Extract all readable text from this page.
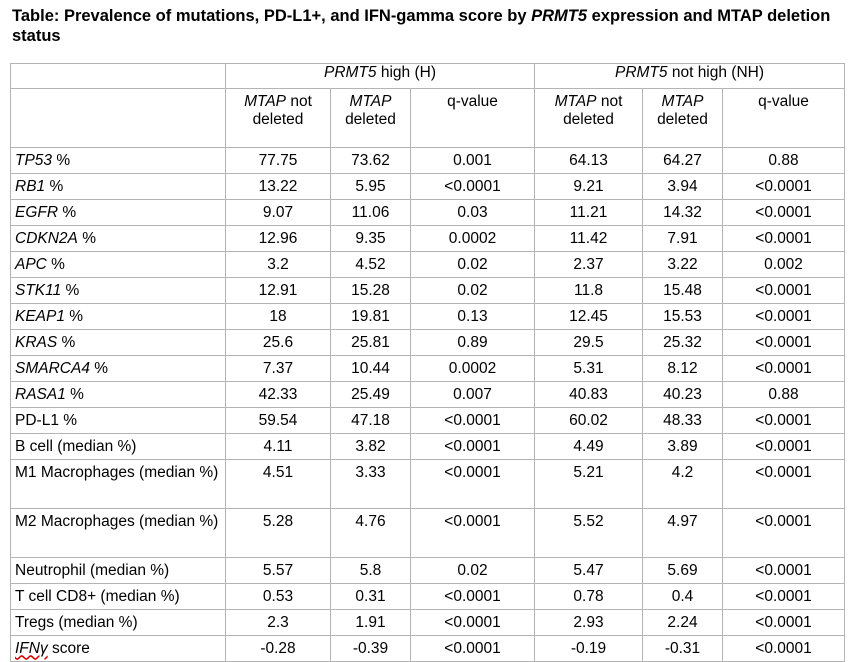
Table: Prevalence of mutations, PD-L1+, and IFN-gamma score by PRMT5 expression and MTAP deletion status
	PRMT5 high (H)			PRMT5 not high (NH)		
	MTAP not deleted	MTAP deleted	q-value	MTAP not deleted	MTAP deleted	q-value
TP53 %	77.75	73.62	0.001	64.13	64.27	0.88
RB1 %	13.22	5.95	<0.0001	9.21	3.94	<0.0001
EGFR %	9.07	11.06	0.03	11.21	14.32	<0.0001
CDKN2A %	12.96	9.35	0.0002	11.42	7.91	<0.0001
APC %	3.2	4.52	0.02	2.37	3.22	0.002
STK11 %	12.91	15.28	0.02	11.8	15.48	<0.0001
KEAP1 %	18	19.81	0.13	12.45	15.53	<0.0001
KRAS %	25.6	25.81	0.89	29.5	25.32	<0.0001
SMARCA4 %	7.37	10.44	0.0002	5.31	8.12	<0.0001
RASA1 %	42.33	25.49	0.007	40.83	40.23	0.88
PD-L1 %	59.54	47.18	<0.0001	60.02	48.33	<0.0001
B cell (median %)	4.11	3.82	<0.0001	4.49	3.89	<0.0001
M1 Macrophages (median %)	4.51	3.33	<0.0001	5.21	4.2	<0.0001
M2 Macrophages (median %)	5.28	4.76	<0.0001	5.52	4.97	<0.0001
Neutrophil (median %)	5.57	5.8	0.02	5.47	5.69	<0.0001
T cell CD8+ (median %)	0.53	0.31	<0.0001	0.78	0.4	<0.0001
Tregs (median %)	2.3	1.91	<0.0001	2.93	2.24	<0.0001
IFNγ score	-0.28	-0.39	<0.0001	-0.19	-0.31	<0.0001
